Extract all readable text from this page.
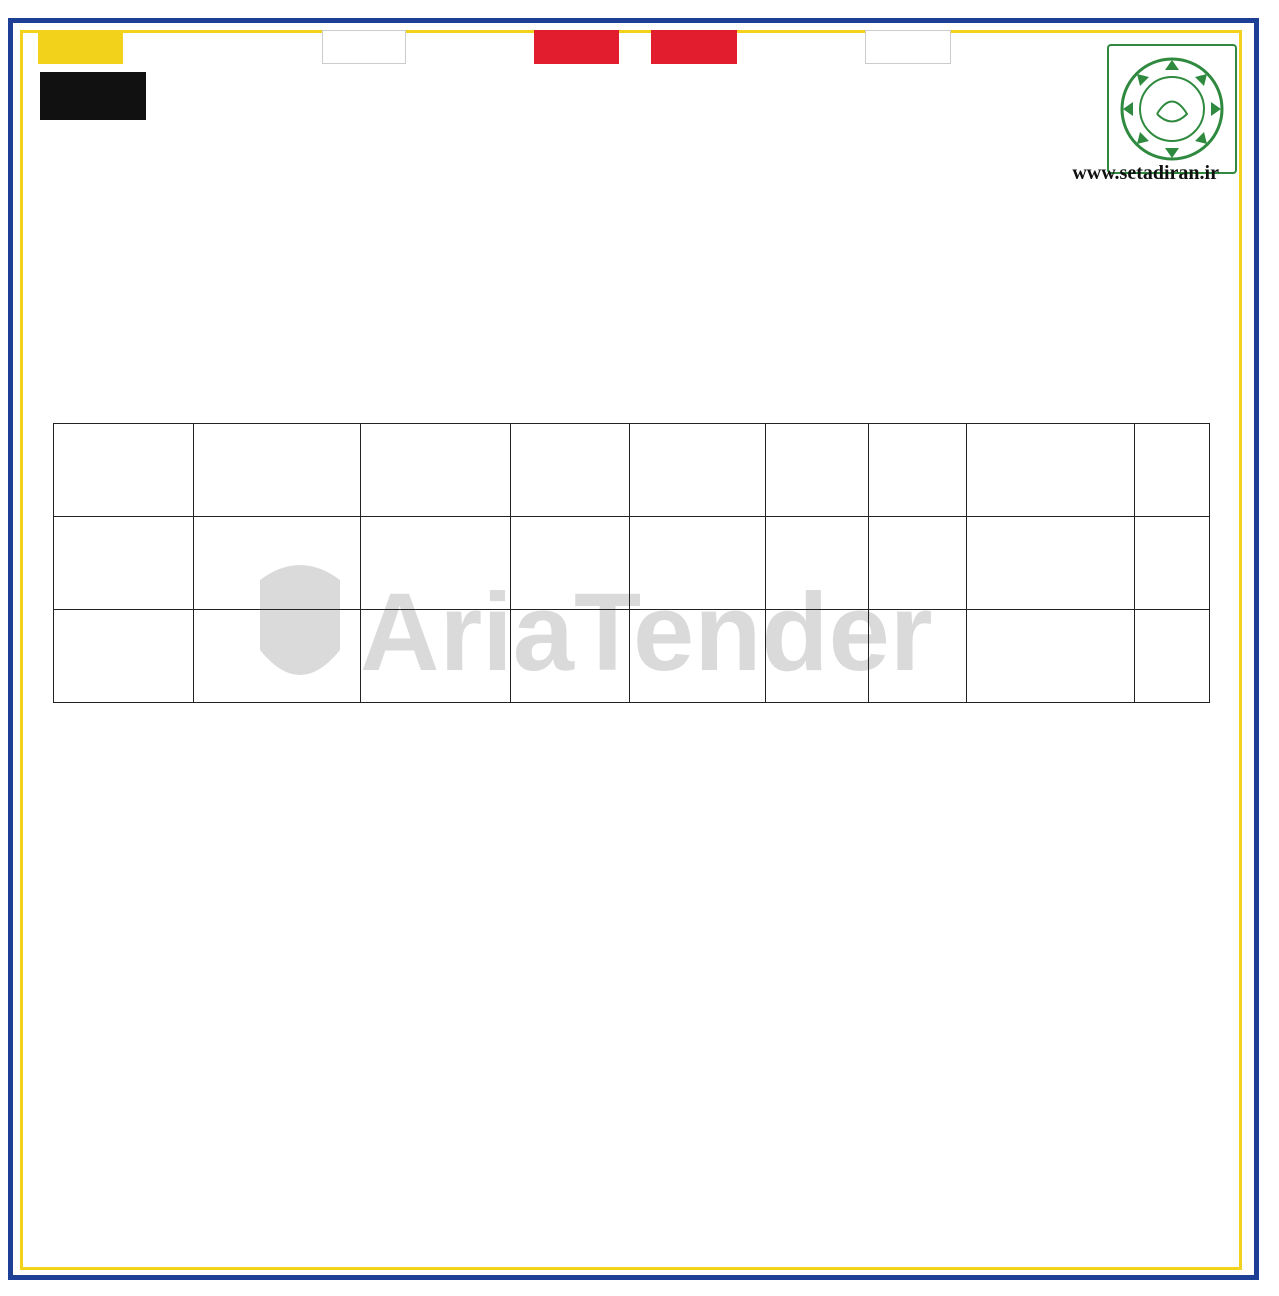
www.setadiran.ir
AriaTender
